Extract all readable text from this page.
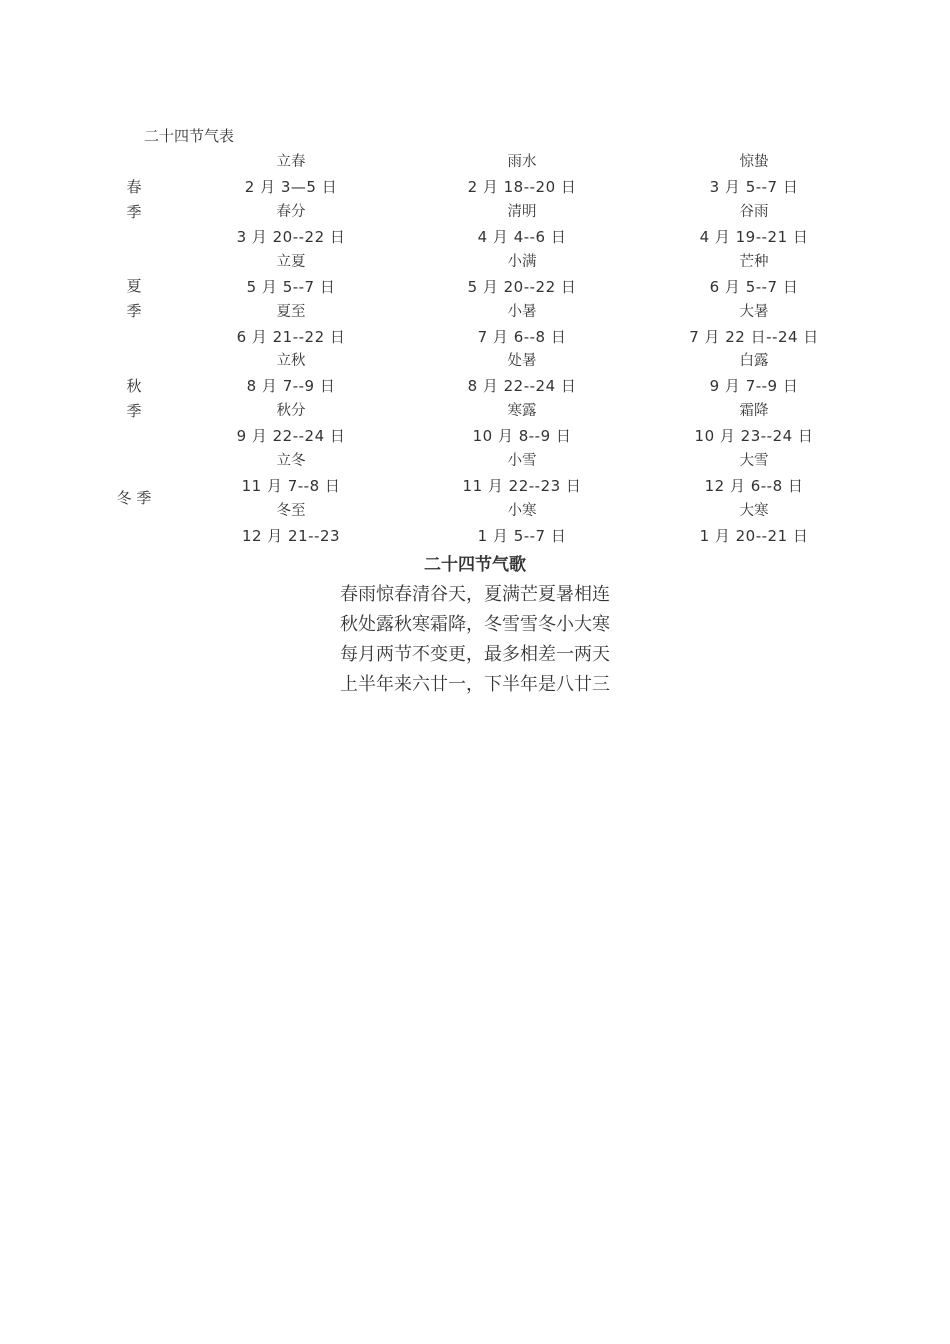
二十四节气表
春
季
立春
2 月 3—5 日
雨水
2 月 18--20 日
惊蛰
3 月 5--7 日
春分
3 月 20--22 日
清明
4 月 4--6 日
谷雨
4 月 19--21 日
夏
季
立夏
5 月 5--7 日
小满
5 月 20--22 日
芒种
6 月 5--7 日
夏至
6 月 21--22 日
小暑
7 月 6--8 日
大暑
7 月 22 日--24 日
秋
季
立秋
8 月 7--9 日
处暑
8 月 22--24 日
白露
9 月 7--9 日
秋分
9 月 22--24 日
寒露
10 月 8--9 日
霜降
10 月 23--24 日
冬 季
立冬
11 月 7--8 日
小雪
11 月 22--23 日
大雪
12 月 6--8 日
冬至
12 月 21--23
小寒
1 月 5--7 日
大寒
1 月 20--21 日
二十四节气歌
春雨惊春清谷天，夏满芒夏暑相连
秋处露秋寒霜降，冬雪雪冬小大寒
每月两节不变更，最多相差一两天
上半年来六廿一，下半年是八廿三
